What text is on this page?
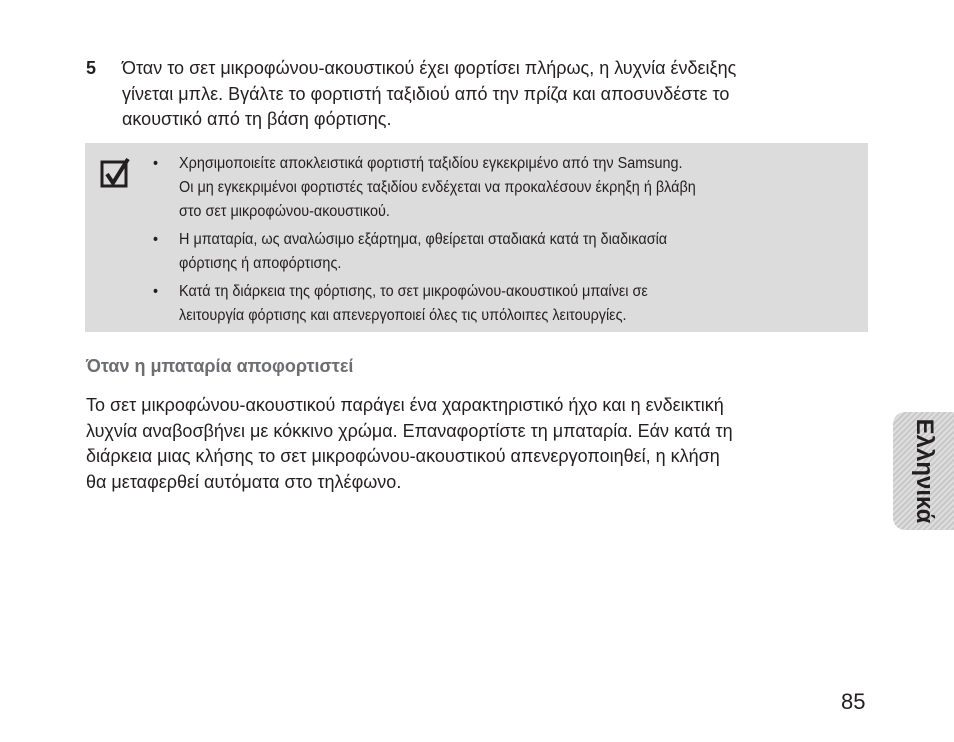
5 Όταν το σετ μικροφώνου-ακουστικού έχει φορτίσει πλήρως, η λυχνία ένδειξης
γίνεται μπλε. Βγάλτε το φορτιστή ταξιδιού από την πρίζα και αποσυνδέστε το
ακουστικό από τη βάση φόρτισης.
• Χρησιμοποιείτε αποκλειστικά φορτιστή ταξιδίου εγκεκριμένο από την Samsung.
Οι μη εγκεκριμένοι φορτιστές ταξιδίου ενδέχεται να προκαλέσουν έκρηξη ή βλάβη
στο σετ μικροφώνου-ακουστικού.
• Η μπαταρία, ως αναλώσιμο εξάρτημα, φθείρεται σταδιακά κατά τη διαδικασία
φόρτισης ή αποφόρτισης.
• Κατά τη διάρκεια της φόρτισης, το σετ μικροφώνου-ακουστικού μπαίνει σε
λειτουργία φόρτισης και απενεργοποιεί όλες τις υπόλοιπες λειτουργίες.
Όταν η μπαταρία αποφορτιστεί
Το σετ μικροφώνου-ακουστικού παράγει ένα χαρακτηριστικό ήχο και η ενδεικτική
λυχνία αναβοσβήνει με κόκκινο χρώμα. Επαναφορτίστε τη μπαταρία. Εάν κατά τη
διάρκεια μιας κλήσης το σετ μικροφώνου-ακουστικού απενεργοποιηθεί, η κλήση
θα μεταφερθεί αυτόματα στο τηλέφωνο.	Ελληνικά
85
